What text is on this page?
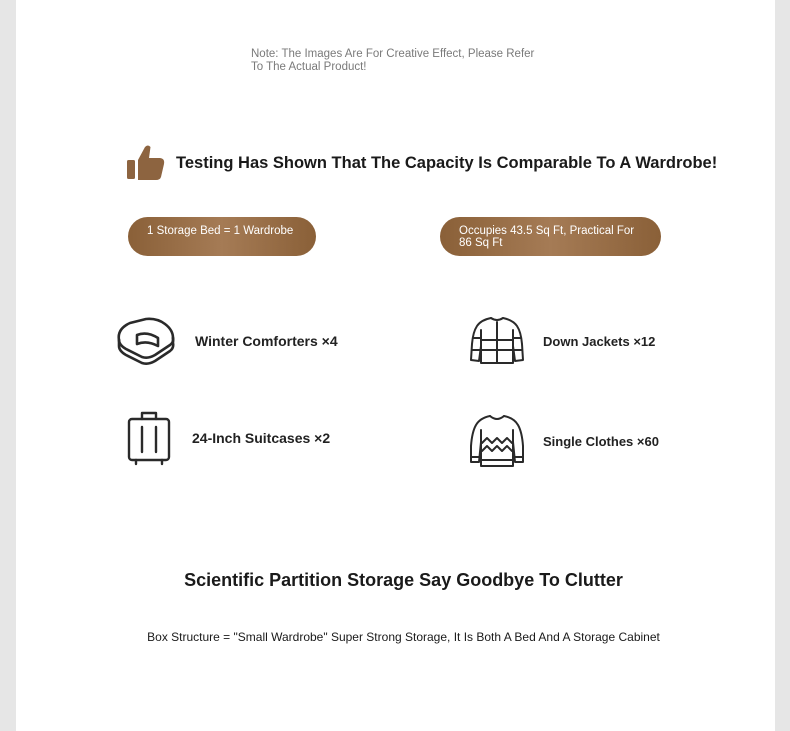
Note: The Images Are For Creative Effect, Please Refer To The Actual Product!
Testing Has Shown That The Capacity Is Comparable To A Wardrobe!
1 Storage Bed = 1 Wardrobe	Occupies 43.5 Sq Ft, Practical For 86 Sq Ft
Winter Comforters ×4	Down Jackets ×12
24-Inch Suitcases ×2	Single Clothes ×60
Scientific Partition Storage Say Goodbye To Clutter
Box Structure = "Small Wardrobe" Super Strong Storage, It Is Both A Bed And A Storage Cabinet
